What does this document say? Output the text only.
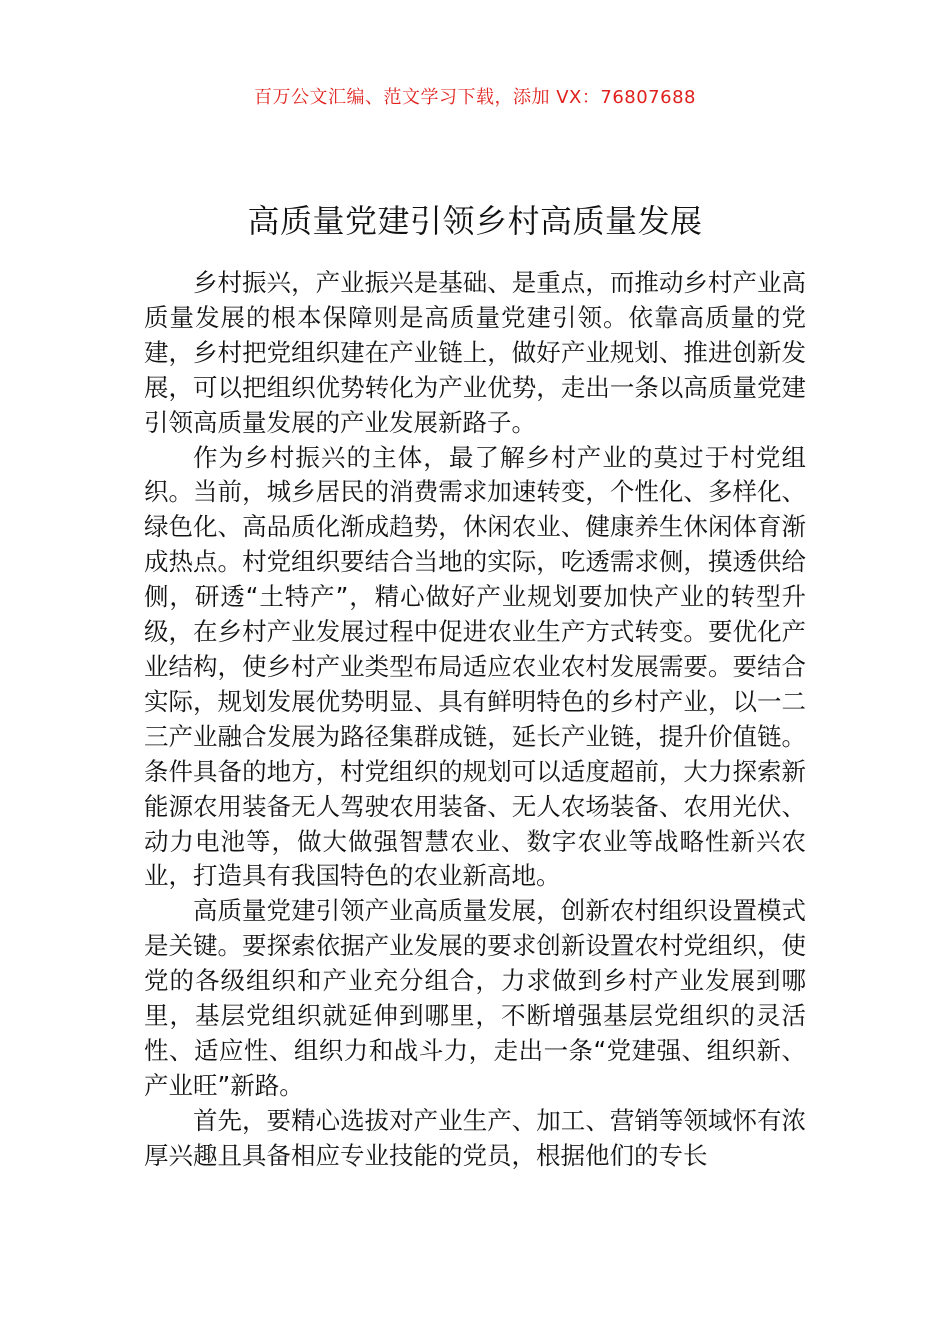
百万公文汇编、范文学习下载，添加 VX：76807688
高质量党建引领乡村高质量发展

乡村振兴，产业振兴是基础、是重点，而推动乡村产业高质量发展的根本保障则是高质量党建引领。依靠高质量的党建，乡村把党组织建在产业链上，做好产业规划、推进创新发展，可以把组织优势转化为产业优势，走出一条以高质量党建引领高质量发展的产业发展新路子。

作为乡村振兴的主体，最了解乡村产业的莫过于村党组织。当前，城乡居民的消费需求加速转变，个性化、多样化、绿色化、高品质化渐成趋势，休闲农业、健康养生休闲体育渐成热点。村党组织要结合当地的实际，吃透需求侧，摸透供给侧，研透“土特产”，精心做好产业规划要加快产业的转型升级，在乡村产业发展过程中促进农业生产方式转变。要优化产业结构，使乡村产业类型布局适应农业农村发展需要。要结合实际，规划发展优势明显、具有鲜明特色的乡村产业，以一二三产业融合发展为路径集群成链，延长产业链，提升价值链。条件具备的地方，村党组织的规划可以适度超前，大力探索新能源农用装备无人驾驶农用装备、无人农场装备、农用光伏、动力电池等，做大做强智慧农业、数字农业等战略性新兴农业，打造具有我国特色的农业新高地。

高质量党建引领产业高质量发展，创新农村组织设置模式是关键。要探索依据产业发展的要求创新设置农村党组织，使党的各级组织和产业充分组合，力求做到乡村产业发展到哪里，基层党组织就延伸到哪里，不断增强基层党组织的灵活性、适应性、组织力和战斗力，走出一条“党建强、组织新、产业旺”新路。

首先，要精心选拔对产业生产、加工、营销等领域怀有浓厚兴趣且具备相应专业技能的党员，根据他们的专长
